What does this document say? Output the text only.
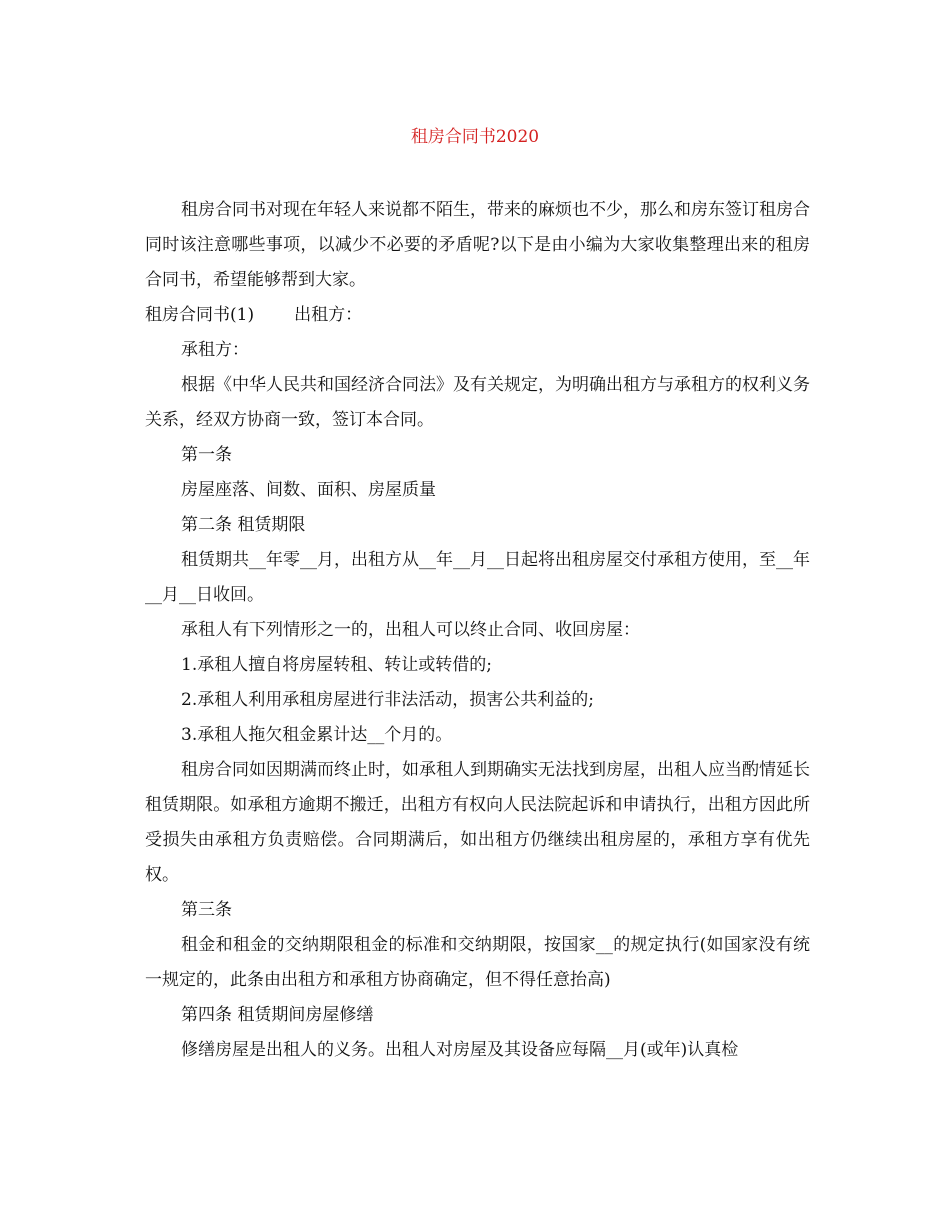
租房合同书2020

租房合同书对现在年轻人来说都不陌生，带来的麻烦也不少，那么和房东签订租房合同时该注意哪些事项，以减少不必要的矛盾呢?以下是由小编为大家收集整理出来的租房合同书，希望能够帮到大家。

租房合同书(1) 出租方：

承租方：

根据《中华人民共和国经济合同法》及有关规定，为明确出租方与承租方的权利义务关系，经双方协商一致，签订本合同。

第一条

房屋座落、间数、面积、房屋质量

第二条 租赁期限

租赁期共__年零__月，出租方从__年__月__日起将出租房屋交付承租方使用，至__年__月__日收回。

承租人有下列情形之一的，出租人可以终止合同、收回房屋：

1.承租人擅自将房屋转租、转让或转借的;

2.承租人利用承租房屋进行非法活动，损害公共利益的;

3.承租人拖欠租金累计达__个月的。

租房合同如因期满而终止时，如承租人到期确实无法找到房屋，出租人应当酌情延长租赁期限。如承租方逾期不搬迁，出租方有权向人民法院起诉和申请执行，出租方因此所受损失由承租方负责赔偿。合同期满后，如出租方仍继续出租房屋的，承租方享有优先权。

第三条

租金和租金的交纳期限租金的标准和交纳期限，按国家__的规定执行(如国家没有统一规定的，此条由出租方和承租方协商确定，但不得任意抬高)

第四条 租赁期间房屋修缮

修缮房屋是出租人的义务。出租人对房屋及其设备应每隔__月(或年)认真检
